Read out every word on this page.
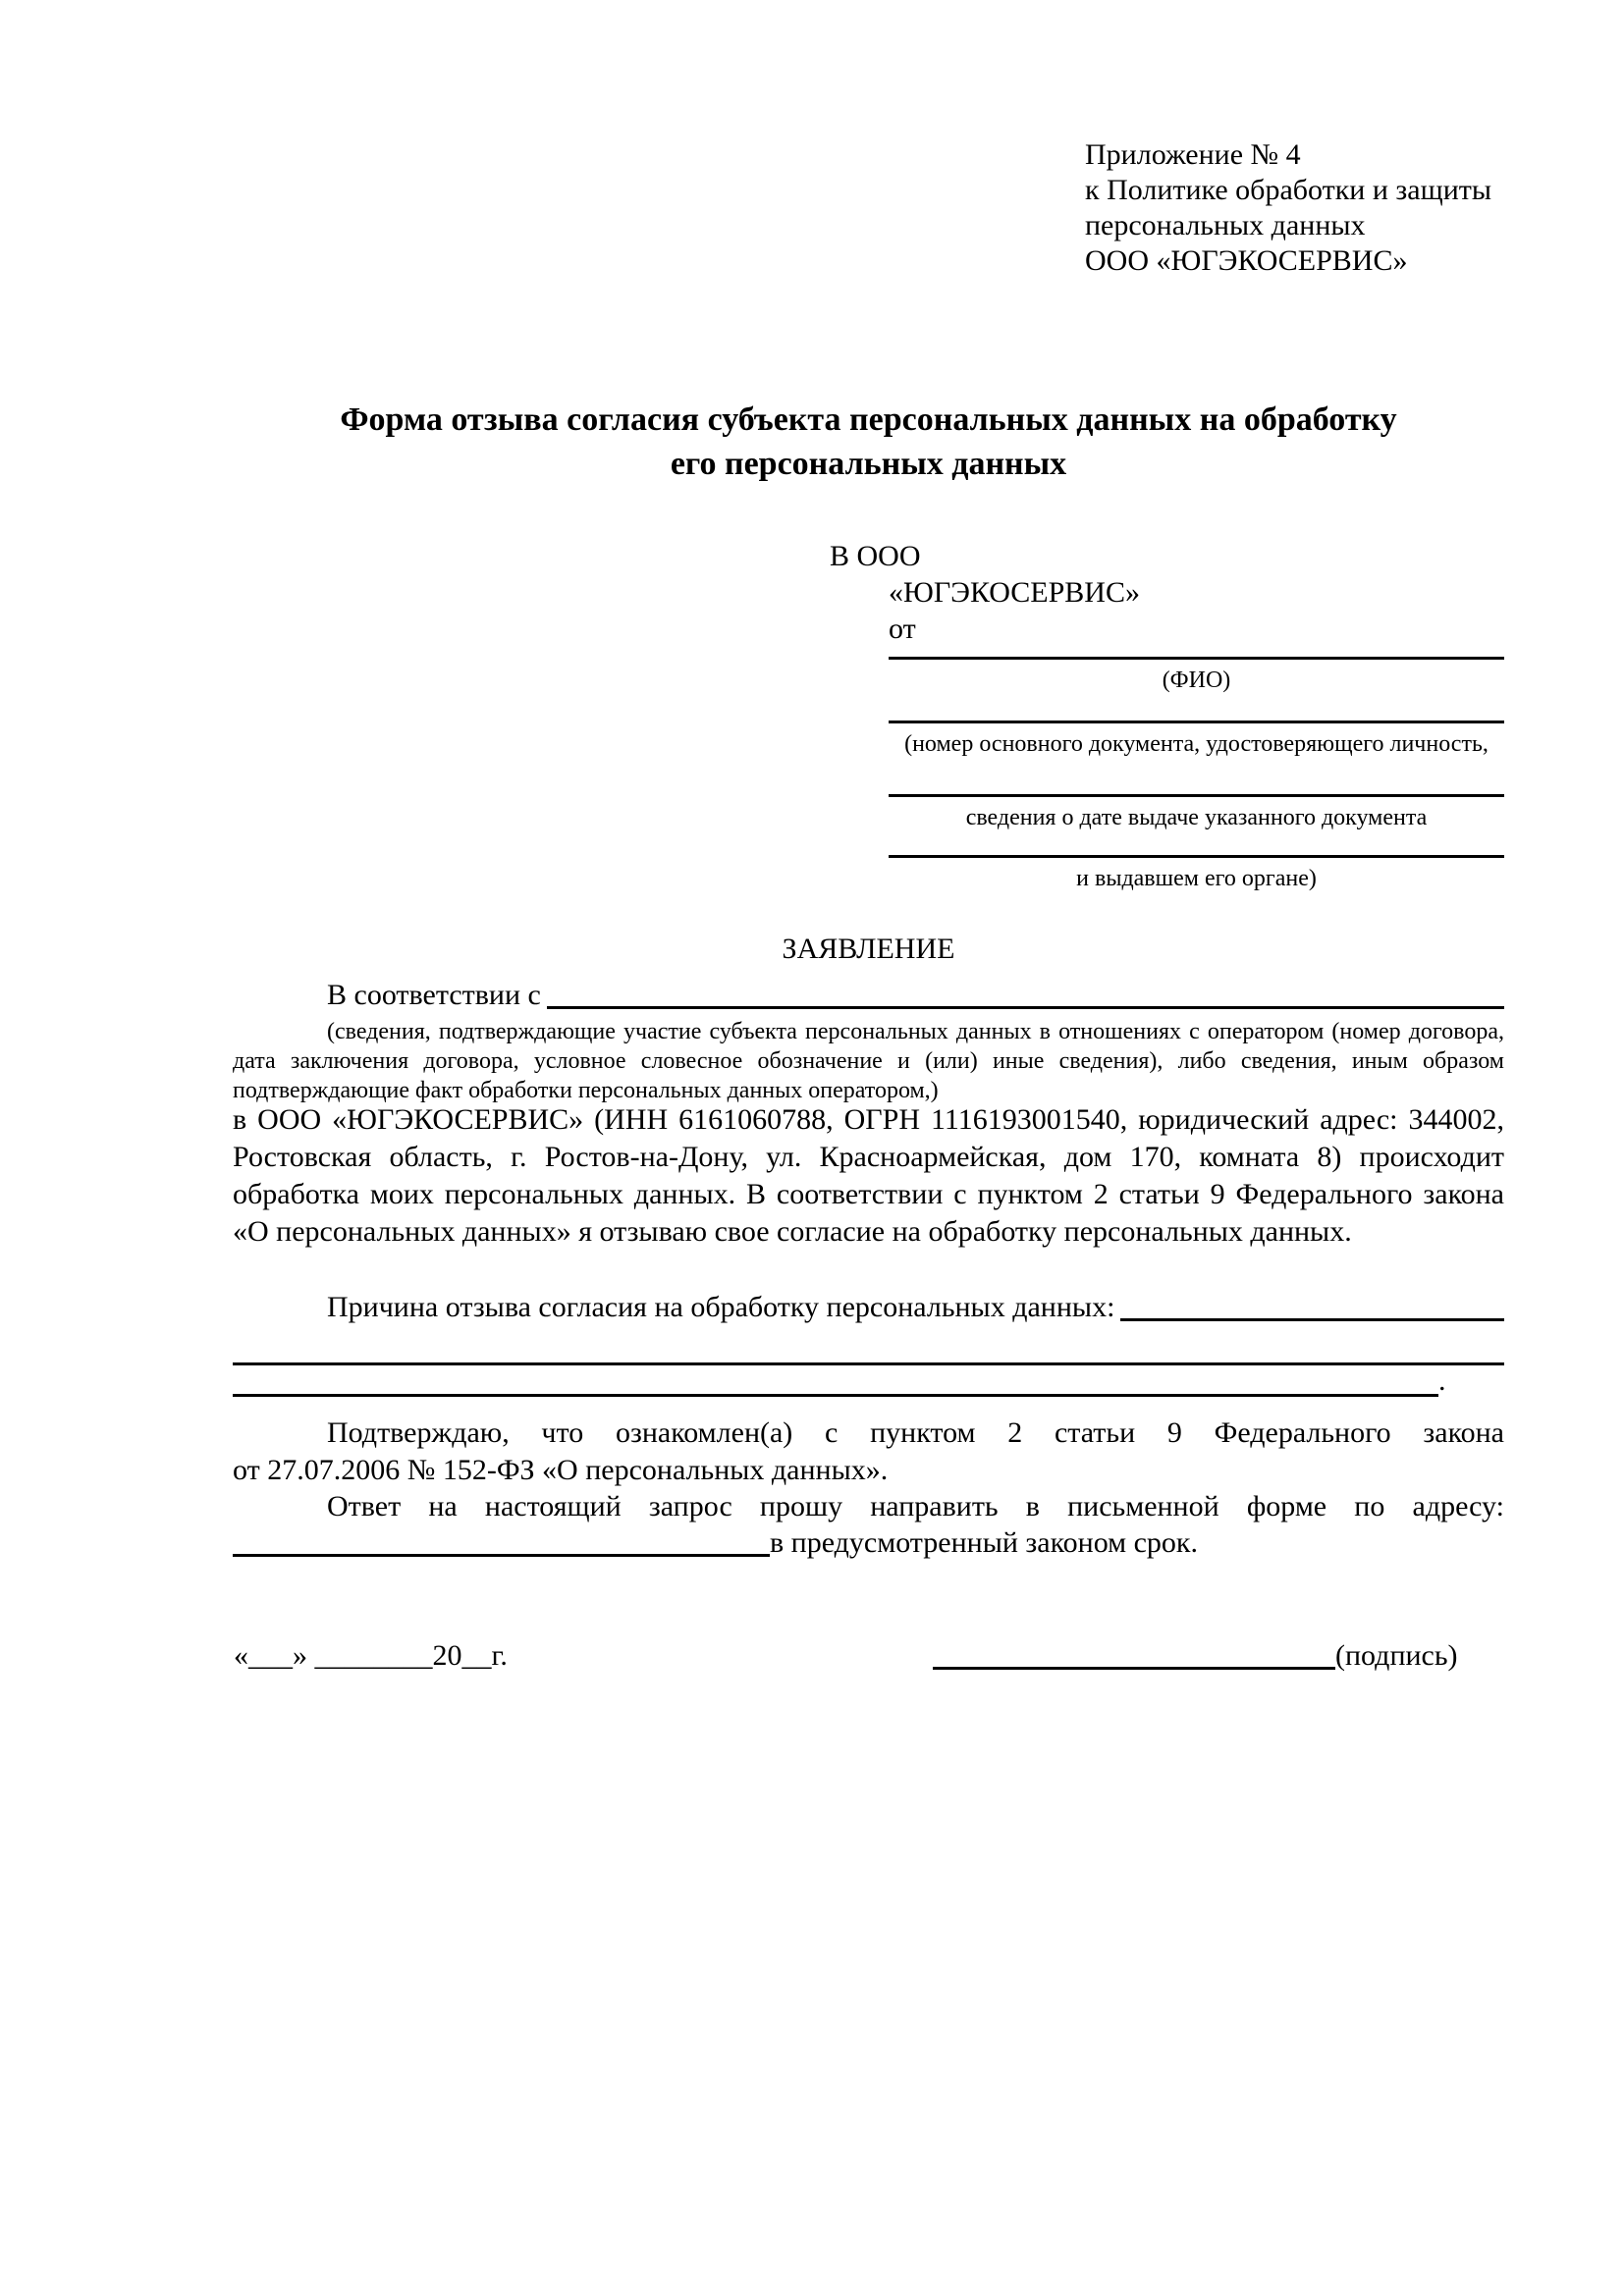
Приложение № 4
к Политике обработки и защиты
персональных данных
ООО «ЮГЭКОСЕРВИС»
Форма отзыва согласия субъекта персональных данных на обработку
его персональных данных
В ООО
«ЮГЭКОСЕРВИС»
от
(ФИО)
(номер основного документа, удостоверяющего личность,
сведения о дате выдаче указанного документа
и выдавшем его органе)
ЗАЯВЛЕНИЕ
В соответствии с
(сведения, подтверждающие участие субъекта персональных данных в отношениях с оператором (номер договора, дата заключения договора, условное словесное обозначение и (или) иные сведения), либо сведения, иным образом подтверждающие факт обработки персональных данных оператором,)
в ООО «ЮГЭКОСЕРВИС» (ИНН 6161060788, ОГРН 1116193001540, юридический адрес: 344002, Ростовская область, г. Ростов-на-Дону, ул. Красноармейская, дом 170, комната 8) происходит обработка моих персональных данных. В соответствии с пунктом 2 статьи 9 Федерального закона «О персональных данных» я отзываю свое согласие на обработку персональных данных.
Причина отзыва согласия на обработку персональных данных:
.
Подтверждаю, что ознакомлен(а) с пунктом 2 статьи 9 Федерального закона
от 27.07.2006 № 152-ФЗ «О персональных данных».
Ответ на настоящий запрос прошу направить в письменной форме по адресу:
в предусмотренный законом срок.
«___» ________20__г.	(подпись)
